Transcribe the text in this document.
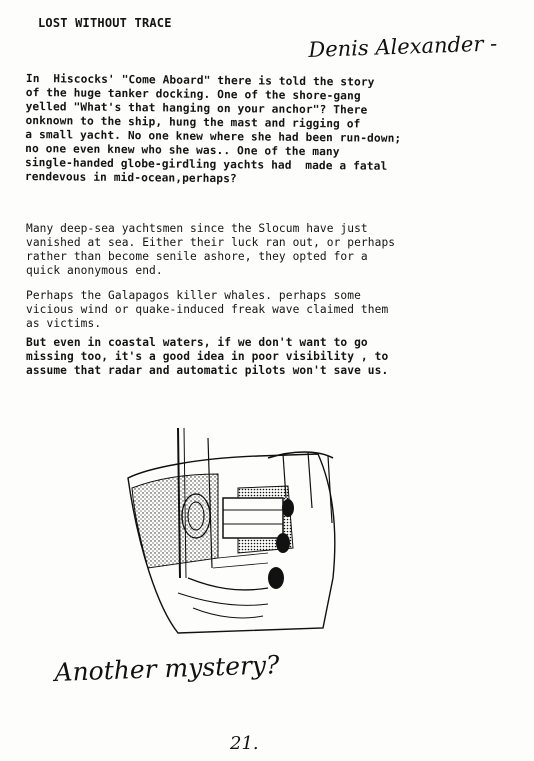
LOST WITHOUT TRACE
Denis Alexander -

In  Hiscocks' "Come Aboard" there is told the story
of the huge tanker docking. One of the shore-gang
yelled "What's that hanging on your anchor"? There
onknown to the ship, hung the mast and rigging of
a small yacht. No one knew where she had been run-down;
no one even knew who she was.. One of the many
single-handed globe-girdling yachts had  made a fatal
rendevous in mid-ocean,perhaps?

Many deep-sea yachtsmen since the Slocum have just
vanished at sea. Either their luck ran out, or perhaps
rather than become senile ashore, they opted for a
quick anonymous end.

Perhaps the Galapagos killer whales. perhaps some
vicious wind or quake-induced freak wave claimed them
as victims.

But even in coastal waters, if we don't want to go
missing too, it's a good idea in poor visibility , to
assume that radar and automatic pilots won't save us.

Another mystery?
21.
